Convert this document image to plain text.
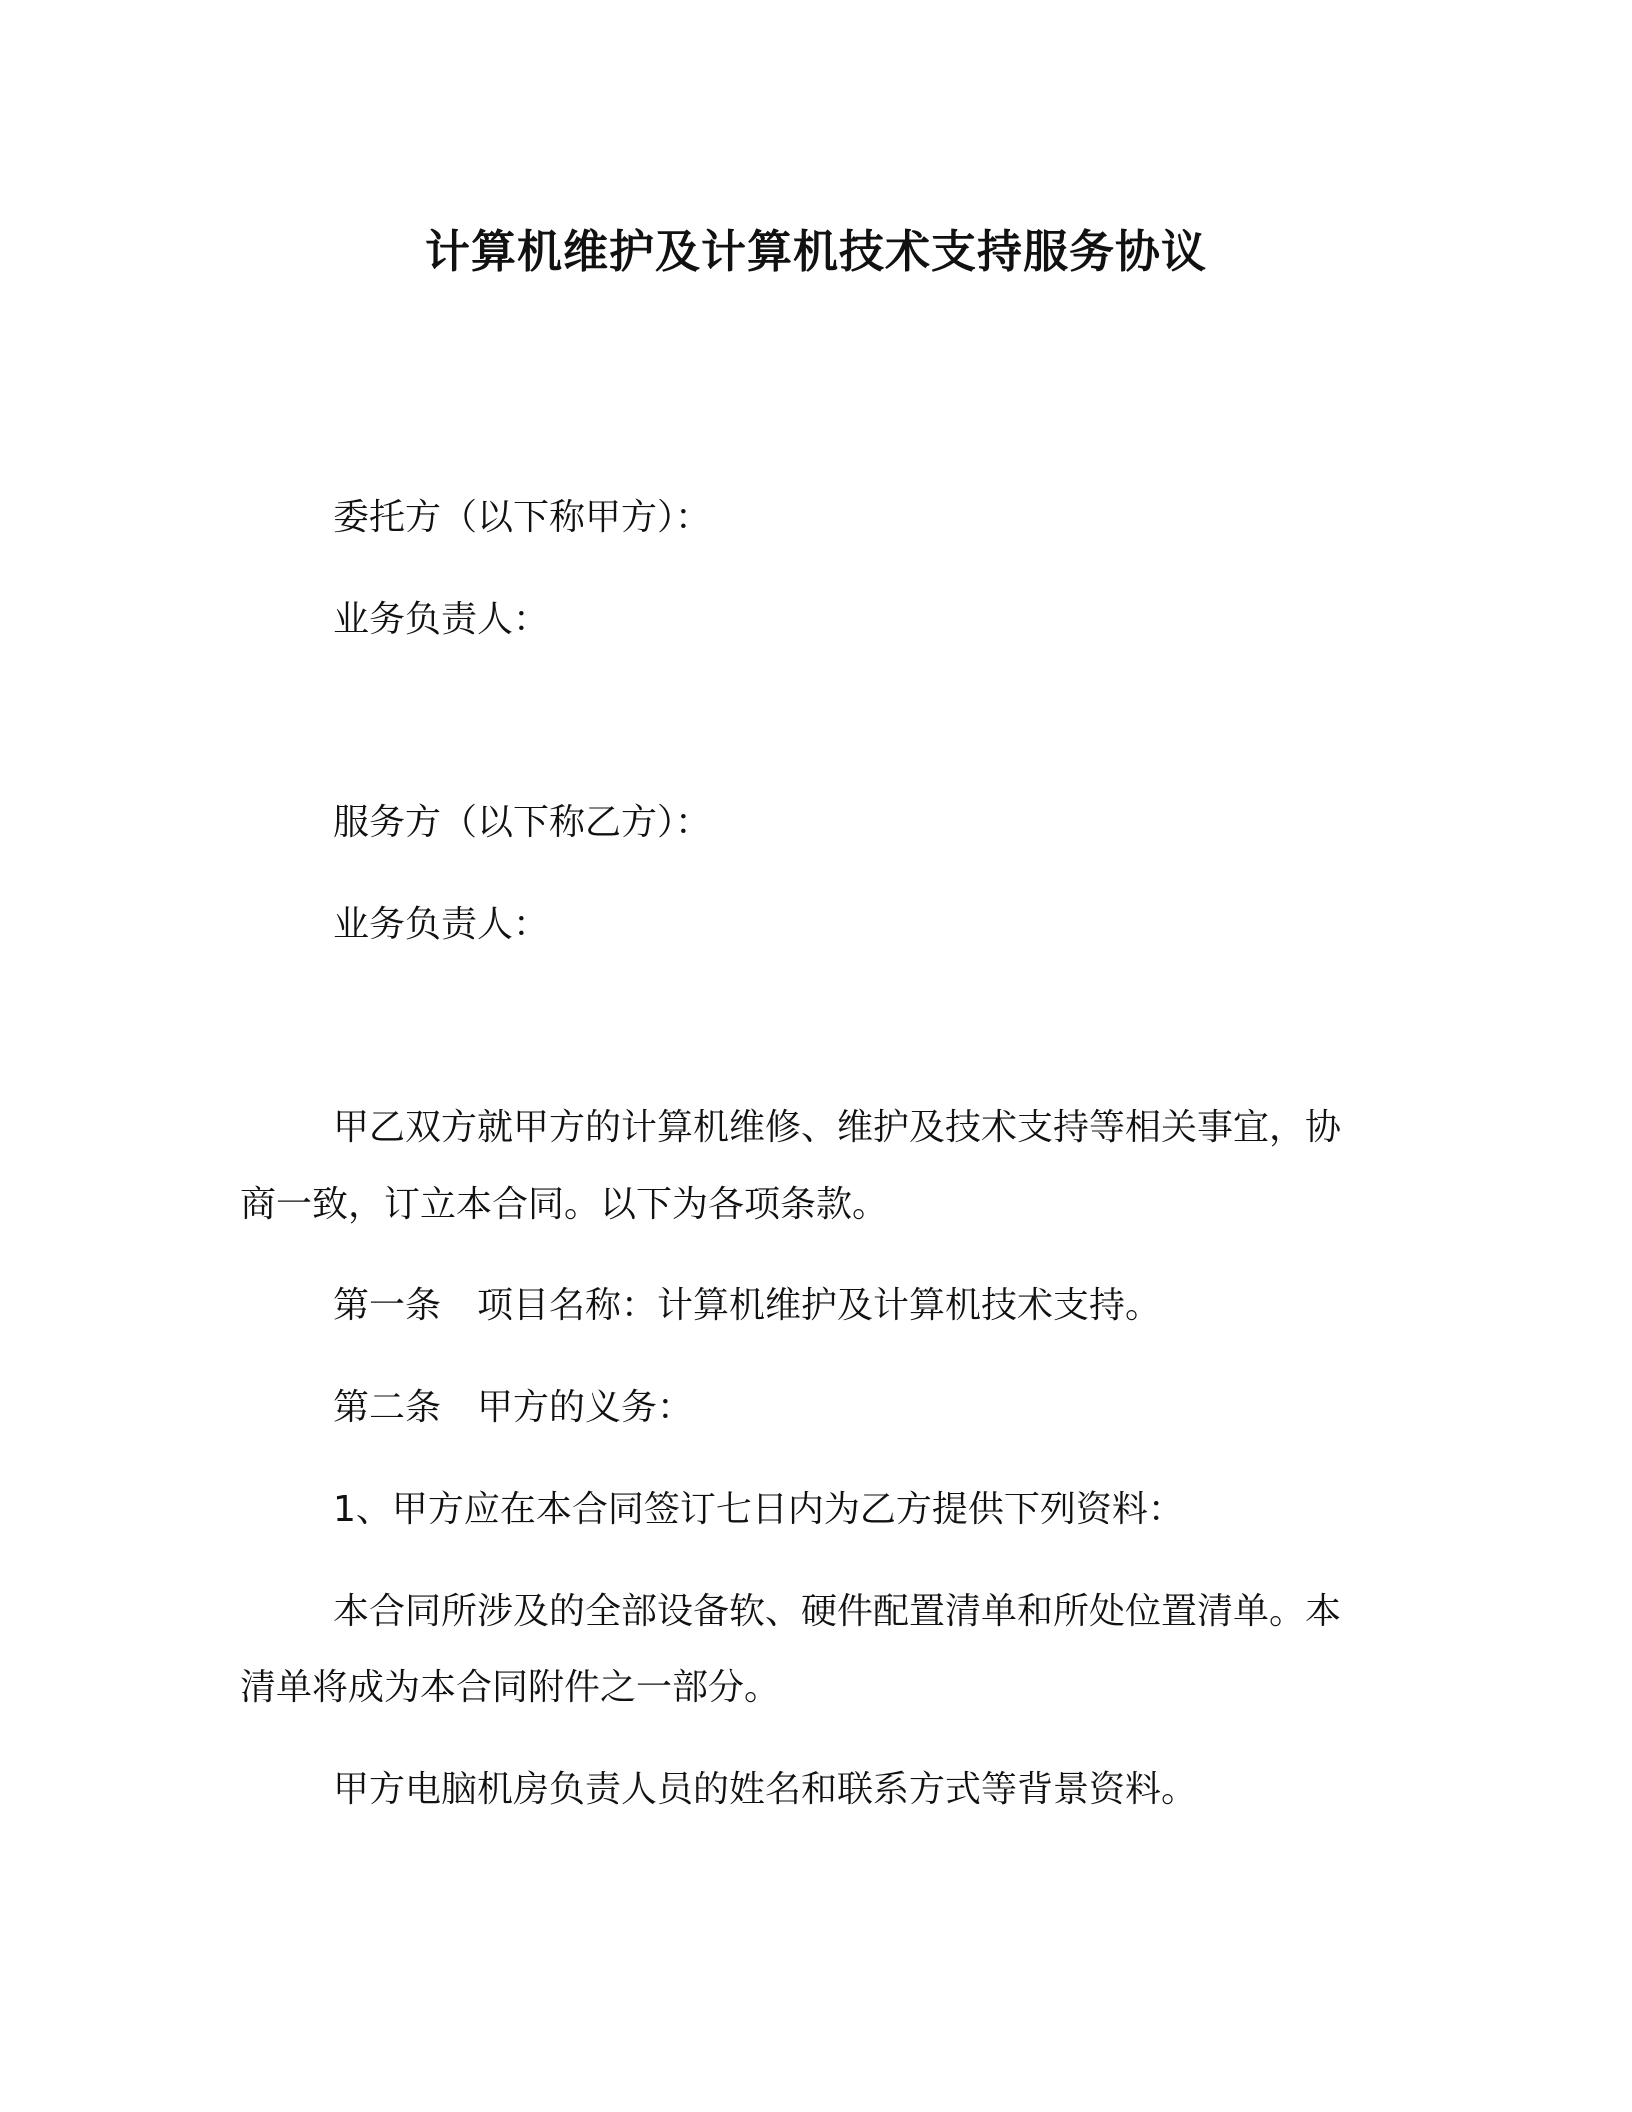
计算机维护及计算机技术支持服务协议

委托方（以下称甲方）：

业务负责人：

服务方（以下称乙方）：

业务负责人：

甲乙双方就甲方的计算机维修、维护及技术支持等相关事宜，协

商一致，订立本合同。以下为各项条款。

第一条　项目名称：计算机维护及计算机技术支持。

第二条　甲方的义务：

1、甲方应在本合同签订七日内为乙方提供下列资料：

本合同所涉及的全部设备软、硬件配置清单和所处位置清单。本

清单将成为本合同附件之一部分。

甲方电脑机房负责人员的姓名和联系方式等背景资料。
